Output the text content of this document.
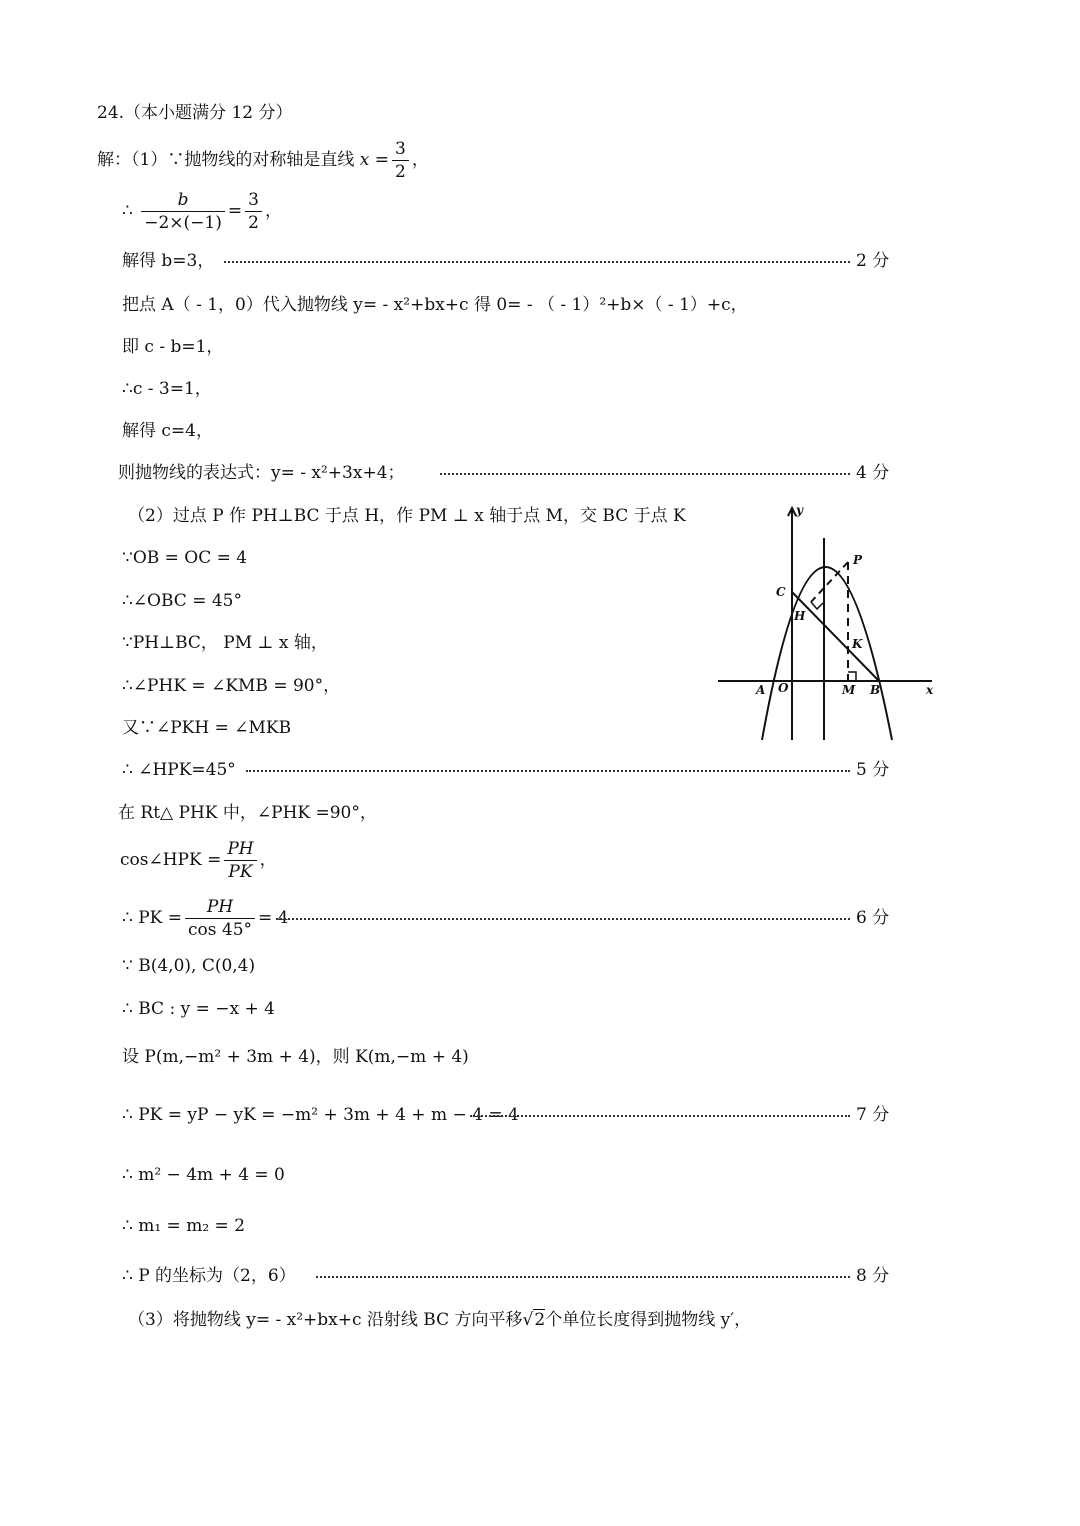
24.（本小题满分 12 分）
解：（1）∵抛物线的对称轴是直线 $x = \frac{3}{2}$ ，
∴ $\frac{b}{-2\times(-1)} = \frac{3}{2}$ ，
解得 b=3，	2 分
把点 A（ - 1，0）代入抛物线 y= - x²+bx+c 得 0= - （ - 1）²+b×（ - 1）+c，
即 c - b=1，
∴c - 3=1，
解得 c=4，
则抛物线的表达式：y= - x²+3x+4；	4 分
（2）过点 P 作 PH⊥BC 于点 H，作 PM ⊥ x 轴于点 M，交 BC 于点 K
∵OB = OC = 4
∴∠OBC = 45°
∵PH⊥BC， PM ⊥ x 轴，
∴∠PHK = ∠KMB = 90°，
又∵∠PKH = ∠MKB
∴ ∠HPK=45°	5 分
在 Rt△ PHK 中，∠PHK =90°，
cos∠HPK = $\frac{PH}{PK}$ ，
∴ PK = $\frac{PH}{\cos 45^\circ} = 4$	6 分
∵ B(4,0), C(0,4)
∴ BC : y = −x + 4
设 P(m,−m² + 3m + 4)，则 K(m,−m + 4)
∴ PK = yP − yK = −m² + 3m + 4 + m − 4 = 4	7 分
∴ m² − 4m + 4 = 0
∴ m₁ = m₂ = 2
∴ P 的坐标为（2，6）	8 分
（3）将抛物线 y= - x²+bx+c 沿射线 BC 方向平移√2个单位长度得到抛物线 y′，
y
x
A O	M B
C
H
K
P
